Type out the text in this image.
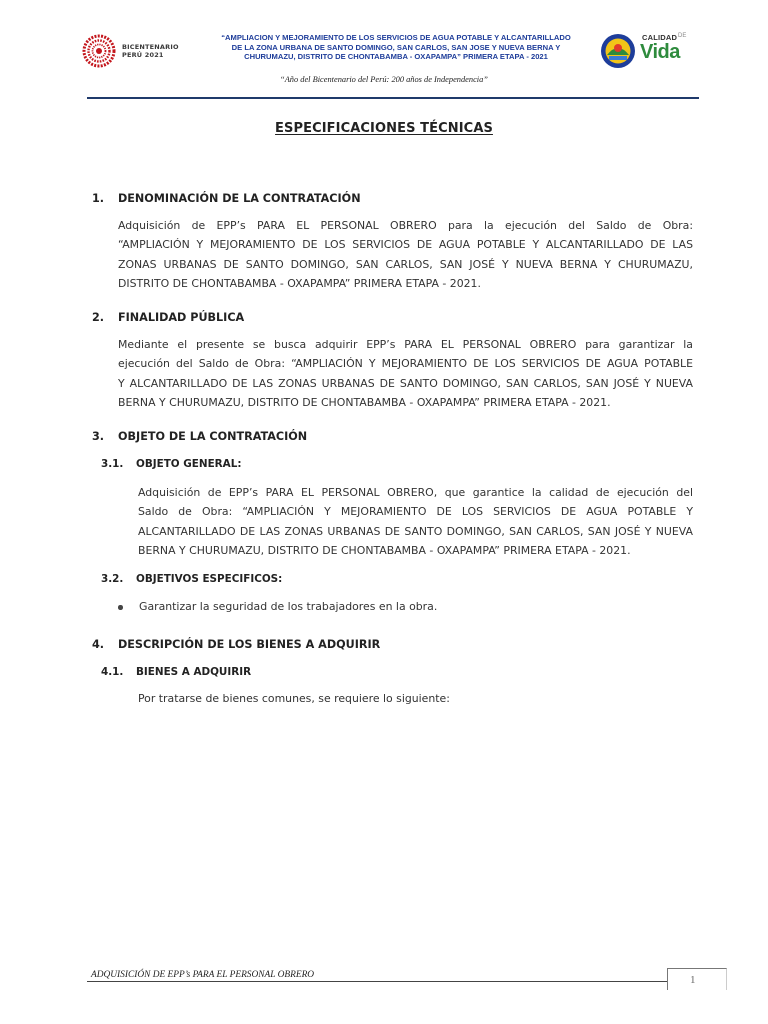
BICENTENARIO
PERÚ 2021
“AMPLIACION Y MEJORAMIENTO DE LOS SERVICIOS DE AGUA POTABLE Y ALCANTARILLADO
DE LA ZONA URBANA DE SANTO DOMINGO, SAN CARLOS, SAN JOSE Y NUEVA BERNA Y
CHURUMAZU, DISTRITO DE CHONTABAMBA - OXAPAMPA” PRIMERA ETAPA - 2021
CALIDAD DE
Vida
“Año del Bicentenario del Perú: 200 años de Independencia”
ESPECIFICACIONES TÉCNICAS
1. DENOMINACIÓN DE LA CONTRATACIÓN
Adquisición de EPP’s PARA EL PERSONAL OBRERO para la ejecución del Saldo de Obra:
“AMPLIACIÓN Y MEJORAMIENTO DE LOS SERVICIOS DE AGUA POTABLE Y ALCANTARILLADO DE LAS
ZONAS URBANAS DE SANTO DOMINGO, SAN CARLOS, SAN JOSÉ Y NUEVA BERNA Y CHURUMAZU,
DISTRITO DE CHONTABAMBA - OXAPAMPA” PRIMERA ETAPA - 2021.
2. FINALIDAD PÚBLICA
Mediante el presente se busca adquirir EPP’s PARA EL PERSONAL OBRERO para garantizar la
ejecución del Saldo de Obra: “AMPLIACIÓN Y MEJORAMIENTO DE LOS SERVICIOS DE AGUA POTABLE
Y ALCANTARILLADO DE LAS ZONAS URBANAS DE SANTO DOMINGO, SAN CARLOS, SAN JOSÉ Y NUEVA
BERNA Y CHURUMAZU, DISTRITO DE CHONTABAMBA - OXAPAMPA” PRIMERA ETAPA - 2021.
3. OBJETO DE LA CONTRATACIÓN
3.1. OBJETO GENERAL:
Adquisición de EPP’s PARA EL PERSONAL OBRERO, que garantice la calidad de ejecución del
Saldo de Obra: “AMPLIACIÓN Y MEJORAMIENTO DE LOS SERVICIOS DE AGUA POTABLE Y
ALCANTARILLADO DE LAS ZONAS URBANAS DE SANTO DOMINGO, SAN CARLOS, SAN JOSÉ Y NUEVA
BERNA Y CHURUMAZU, DISTRITO DE CHONTABAMBA - OXAPAMPA” PRIMERA ETAPA - 2021.
3.2. OBJETIVOS ESPECIFICOS:
Garantizar la seguridad de los trabajadores en la obra.
4. DESCRIPCIÓN DE LOS BIENES A ADQUIRIR
4.1. BIENES A ADQUIRIR
Por tratarse de bienes comunes, se requiere lo siguiente:
ADQUISICIÓN DE EPP’s PARA EL PERSONAL OBRERO	1
